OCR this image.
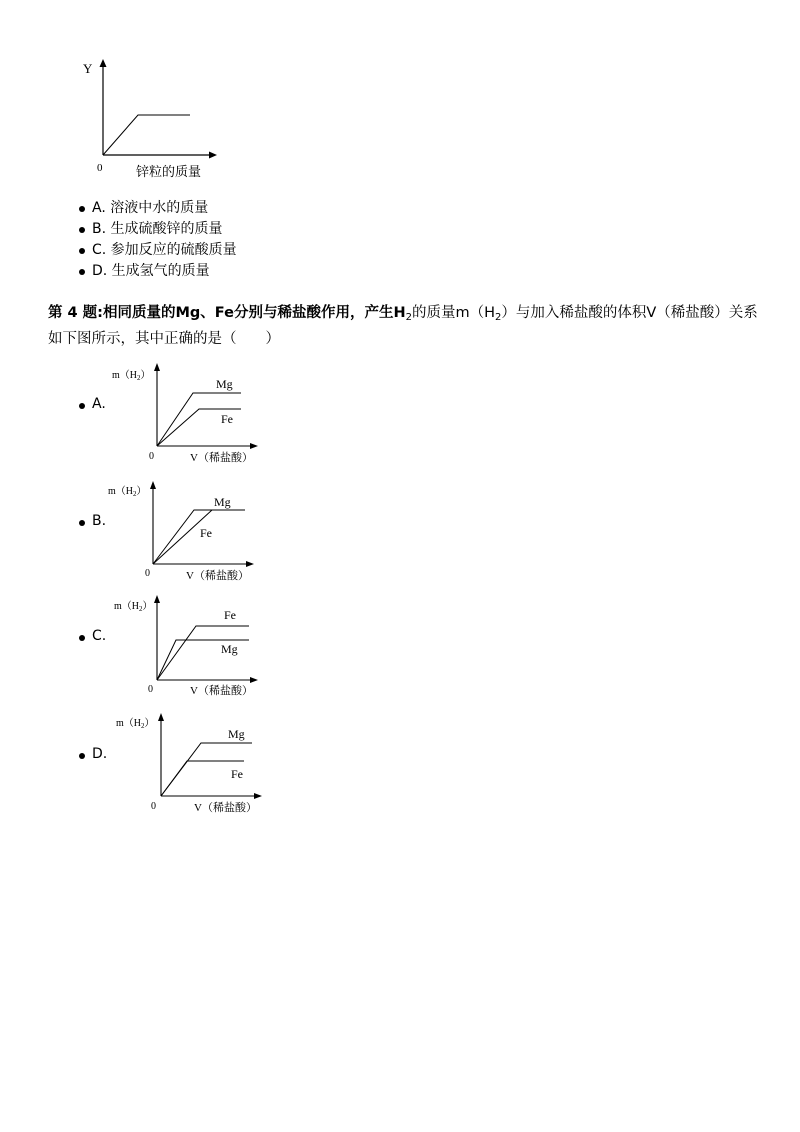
Y
0	锌粒的质量
A. 溶液中水的质量
B. 生成硫酸锌的质量
C. 参加反应的硫酸质量
D. 生成氢气的质量
第 4 题:相同质量的Mg、Fe分别与稀盐酸作用，产生$H_2$的质量$m(H_2)$与加入稀盐酸的体积V（稀盐酸）关系如下图所示，其中正确的是（　　）
A.
$m(H_2)$
0	V（稀盐酸）
Mg
Fe
B.
$m(H_2)$
0	V（稀盐酸）
Mg
Fe
C.
$m(H_2)$
0	V（稀盐酸）
Fe
Mg
D.
$m(H_2)$
0	V（稀盐酸）
Mg
Fe
